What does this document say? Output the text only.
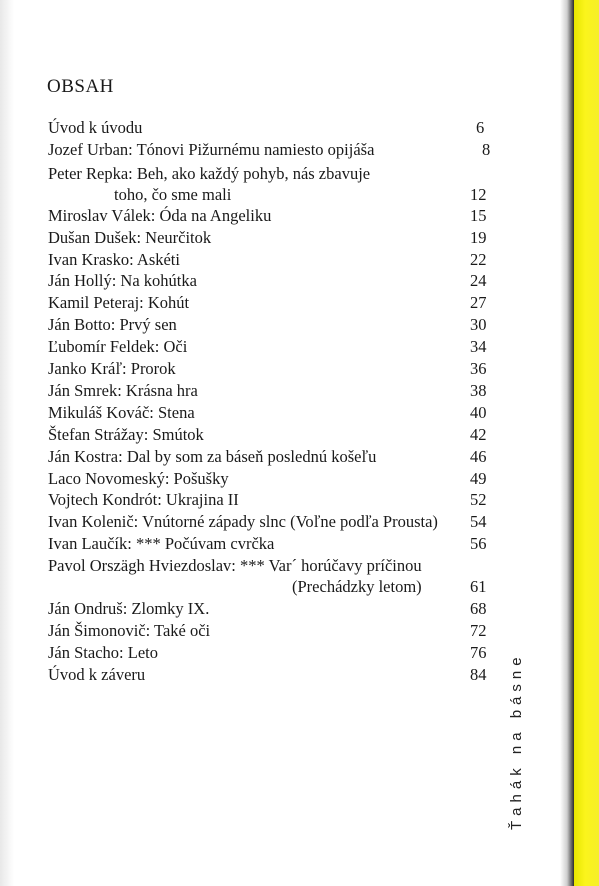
OBSAH
Úvod k úvodu	6
Jozef Urban: Tónovi Pižurnému namiesto opijáša	8
Peter Repka: Beh, ako každý pohyb, nás zbavuje
toho, čo sme mali	12
Miroslav Válek: Óda na Angeliku	15
Dušan Dušek: Neurčitok	19
Ivan Krasko: Askéti	22
Ján Hollý: Na kohútka	24
Kamil Peteraj: Kohút	27
Ján Botto: Prvý sen	30
Ľubomír Feldek: Oči	34
Janko Kráľ: Prorok	36
Ján Smrek: Krásna hra	38
Mikuláš Kováč: Stena	40
Štefan Strážay: Smútok	42
Ján Kostra: Dal by som za báseň poslednú košeľu	46
Laco Novomeský: Pošušky	49
Vojtech Kondrót: Ukrajina II	52
Ivan Kolenič: Vnútorné západy slnc (Voľne podľa Prousta) 54
Ivan Laučík: *** Počúvam cvrčka	56
Pavol Orszägh Hviezdoslav: *** Var´ horúčavy príčinou
(Prechádzky letom)	61
Ján Ondruš: Zlomky IX.	68
Ján Šimonovič: Také oči	72
Ján Stacho: Leto	76
Úvod k záveru	84 Ťahák na básne
